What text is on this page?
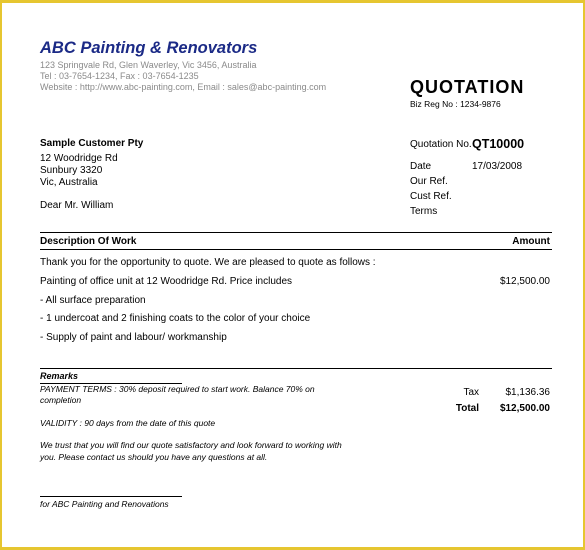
ABC Painting & Renovators
123 Springvale Rd, Glen Waverley, Vic 3456, Australia
Tel : 03-7654-1234, Fax : 03-7654-1235
Website : http://www.abc-painting.com, Email : sales@abc-painting.com	QUOTATION
Biz Reg No : 1234-9876
Sample Customer Pty
12 Woodridge Rd
Sunbury 3320
Vic, Australia
Dear Mr. William
Quotation No. QT10000
Date	17/03/2008
Our Ref.
Cust Ref.
Terms
Description Of Work	Amount
Thank you for the opportunity to quote. We are pleased to quote as follows :
Painting of office unit at 12 Woodridge Rd. Price includes	$12,500.00
- All surface preparation
- 1 undercoat and 2 finishing coats to the color of your choice
- Supply of paint and labour/ workmanship
Remarks
PAYMENT TERMS : 30% deposit required to start work. Balance 70% on
completion
VALIDITY : 90 days from the date of this quote
We trust that you will find our quote satisfactory and look forward to working with
you. Please contact us should you have any questions at all.
Tax	$1,136.36
Total $12,500.00
for ABC Painting and Renovations
